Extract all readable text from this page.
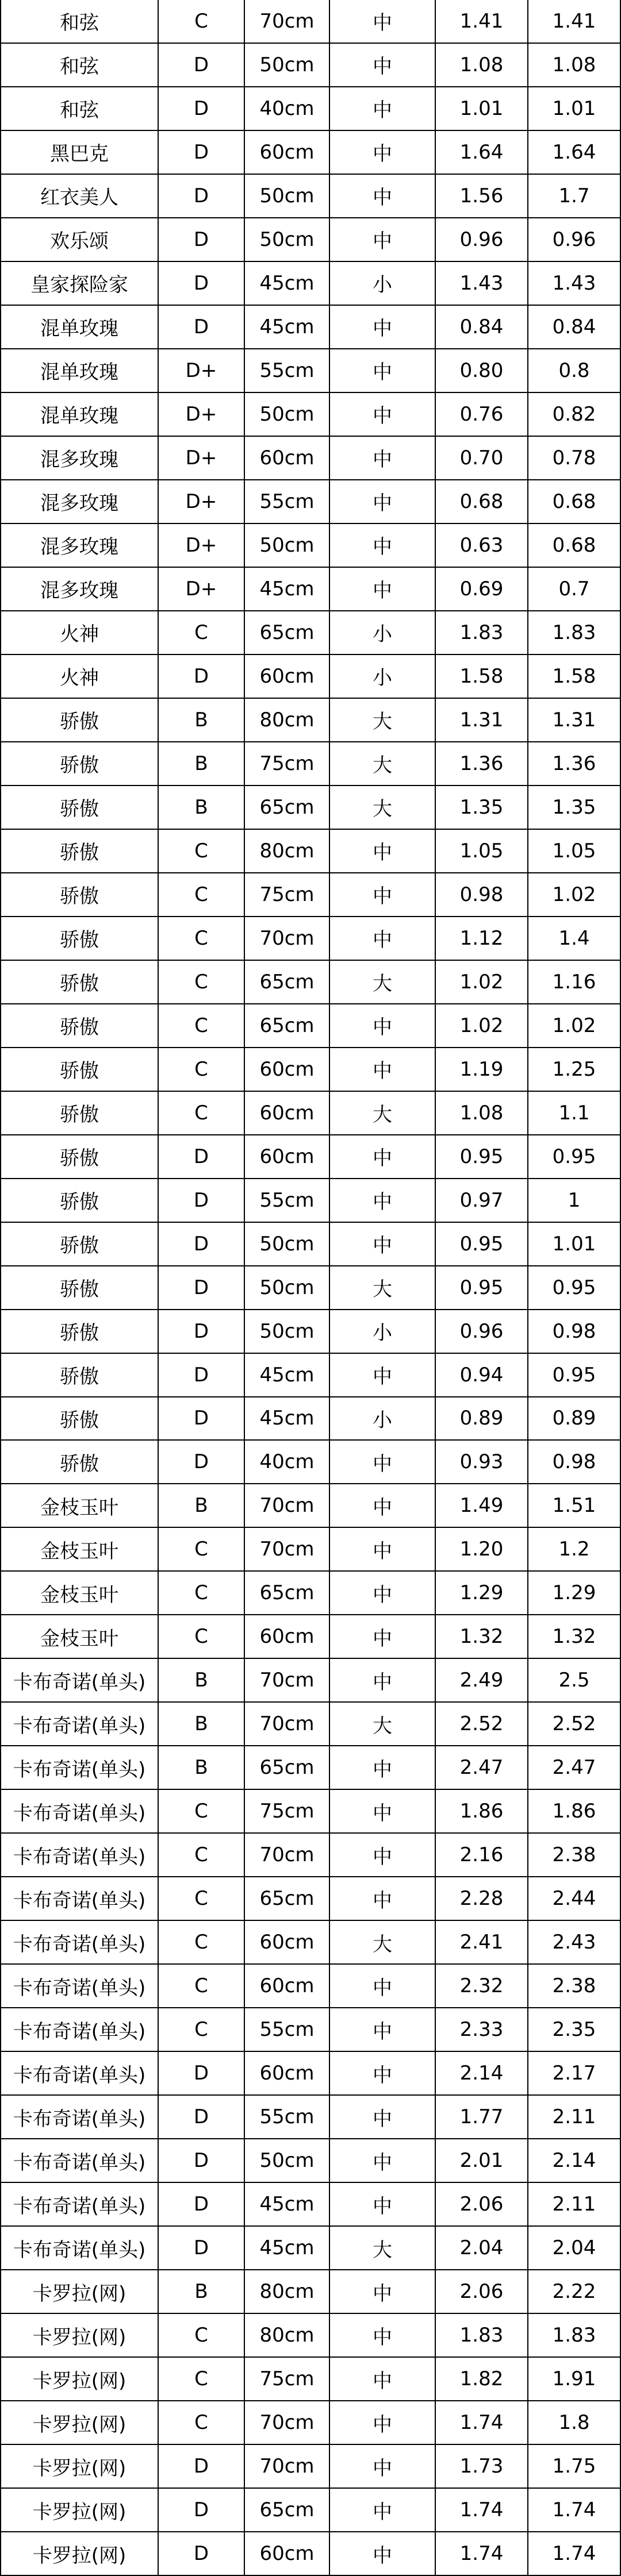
和弦	C	70cm	中	1.41	1.41
和弦	D	50cm	中	1.08	1.08
和弦	D	40cm	中	1.01	1.01
黑巴克	D	60cm	中	1.64	1.64
红衣美人	D	50cm	中	1.56	1.7
欢乐颂	D	50cm	中	0.96	0.96
皇家探险家	D	45cm	小	1.43	1.43
混单玫瑰	D	45cm	中	0.84	0.84
混单玫瑰	D+	55cm	中	0.80	0.8
混单玫瑰	D+	50cm	中	0.76	0.82
混多玫瑰	D+	60cm	中	0.70	0.78
混多玫瑰	D+	55cm	中	0.68	0.68
混多玫瑰	D+	50cm	中	0.63	0.68
混多玫瑰	D+	45cm	中	0.69	0.7
火神	C	65cm	小	1.83	1.83
火神	D	60cm	小	1.58	1.58
骄傲	B	80cm	大	1.31	1.31
骄傲	B	75cm	大	1.36	1.36
骄傲	B	65cm	大	1.35	1.35
骄傲	C	80cm	中	1.05	1.05
骄傲	C	75cm	中	0.98	1.02
骄傲	C	70cm	中	1.12	1.4
骄傲	C	65cm	大	1.02	1.16
骄傲	C	65cm	中	1.02	1.02
骄傲	C	60cm	中	1.19	1.25
骄傲	C	60cm	大	1.08	1.1
骄傲	D	60cm	中	0.95	0.95
骄傲	D	55cm	中	0.97	1
骄傲	D	50cm	中	0.95	1.01
骄傲	D	50cm	大	0.95	0.95
骄傲	D	50cm	小	0.96	0.98
骄傲	D	45cm	中	0.94	0.95
骄傲	D	45cm	小	0.89	0.89
骄傲	D	40cm	中	0.93	0.98
金枝玉叶	B	70cm	中	1.49	1.51
金枝玉叶	C	70cm	中	1.20	1.2
金枝玉叶	C	65cm	中	1.29	1.29
金枝玉叶	C	60cm	中	1.32	1.32
卡布奇诺(单头)	B	70cm	中	2.49	2.5
卡布奇诺(单头)	B	70cm	大	2.52	2.52
卡布奇诺(单头)	B	65cm	中	2.47	2.47
卡布奇诺(单头)	C	75cm	中	1.86	1.86
卡布奇诺(单头)	C	70cm	中	2.16	2.38
卡布奇诺(单头)	C	65cm	中	2.28	2.44
卡布奇诺(单头)	C	60cm	大	2.41	2.43
卡布奇诺(单头)	C	60cm	中	2.32	2.38
卡布奇诺(单头)	C	55cm	中	2.33	2.35
卡布奇诺(单头)	D	60cm	中	2.14	2.17
卡布奇诺(单头)	D	55cm	中	1.77	2.11
卡布奇诺(单头)	D	50cm	中	2.01	2.14
卡布奇诺(单头)	D	45cm	中	2.06	2.11
卡布奇诺(单头)	D	45cm	大	2.04	2.04
卡罗拉(网)	B	80cm	中	2.06	2.22
卡罗拉(网)	C	80cm	中	1.83	1.83
卡罗拉(网)	C	75cm	中	1.82	1.91
卡罗拉(网)	C	70cm	中	1.74	1.8
卡罗拉(网)	D	70cm	中	1.73	1.75
卡罗拉(网)	D	65cm	中	1.74	1.74
卡罗拉(网)	D	60cm	中	1.74	1.74
